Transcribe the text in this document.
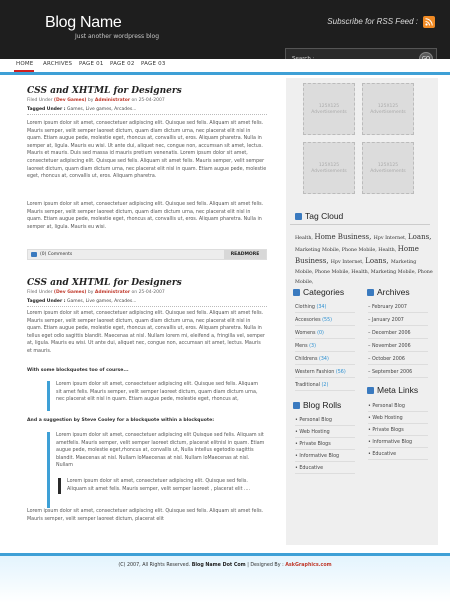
Blog Name
Just another wordpress blog
Subscribe for RSS Feed :
HOME ARCHIVES PAGE 01 PAGE 02 PAGE 03
CSS and XHTML for Designers
Filed Under (Dev Games) by Administrator on 25-04-2007
Tagged Under : Games, Live games, Arcades...
Lorem ipsum dolor sit amet, consectetuer adipiscing elit. Quisque sed felis. Aliquam sit amet felis. Mauris semper, velit semper laoreet dictum, quam diam dictum urna, nec placerat elit nisl in quam. Etiam augue pede, molestie eget, rhoncus at, convallis ut, eros. Aliquam pharetra. Nulla in semper at, ligula. Mauris eu wisi. Ut ante dui, aliquet nec, congue non, accumsan sit amet, lectus. Mauris et mauris. Duis sed massa id mauris pretium venenatis. Lorem ipsum dolor sit amet, consectetuer adipiscing elit. Quisque sed felis. Aliquam sit amet felis. Mauris semper, velit semper laoreet dictum, quam diam dictum urna, nec placerat elit nisl in quam. Etiam augue pede, molestie eget, rhoncus at, convallis ut, eros. Aliquam pharetra.
Lorem ipsum dolor sit amet, consectetuer adipiscing elit. Quisque sed felis. Aliquam sit amet felis. Mauris semper, velit semper laoreet dictum, quam diam dictum urna, nec placerat elit nisl in quam. Etiam augue pede, molestie eget, rhoncus at, convallis ut, eros. Aliquam pharetra. Nulla in semper at, ligula. Mauris eu wisi.
(0) Comments	READMORE
CSS and XHTML for Designers
Filed Under (Dev Games) by Administrator on 25-04-2007
Tagged Under : Games, Live games, Arcades...
Lorem ipsum dolor sit amet, consectetuer adipiscing elit. Quisque sed felis. Aliquam sit amet felis. Mauris semper, velit semper laoreet dictum, quam diam dictum urna, nec placerat elit nisl in quam. Etiam augue pede, molestie eget, rhoncus at, convallis ut, eros. Aliquam pharetra. Nulla in tellus eget odio sagittis blandit. Maecenas at nisl. Nullam lorem mi, eleifend a, fringilla vel, semper at, ligula. Mauris eu wisi. Ut ante dui, aliquet nec, congue non, accumsan sit amet, lectus. Mauris et mauris.
With some blockquotes too of course...
Lorem ipsum dolor sit amet, consectetuer adipiscing elit. Quisque sed felis. Aliquam sit amet felis. Mauris semper, velit semper laoreet dictum, quam diam dictum urna, nec placerat elit nisl in quam. Etiam augue pede, molestie eget, rhoncus at,
And a suggestion by Steve Cooley for a blockquote within a blockquote:
Lorem ipsum dolor sit amet, consectetuer adipiscing elit Quisque sed felis. Aliquam sit ametfelis. Mauris semper, velit semper laoreet dictum, placerat elitnisl in quam. Etiam augue pede, molestie eget,rhoncus at, convallis ut, Nulla intellus egetodio sagittis blandit. Maecenas at nisl. Nullam loMaecenas at nisl. Nullam loMaecenas at nisl. Nullam
Lorem ipsum dolor sit amet, consectetuer adipiscing elit. Quisque sed felis. Aliquam sit amet felis. Mauris semper, velit semper laoreet , placerat elit ....
Lorem ipsum dolor sit amet, consectetuer adipiscing elit. Quisque sed felis. Aliquam sit amet felis. Mauris semper, velit semper laoreet dictum, placerat elit
125X125 Advertisements
125X125 Advertisements
125X125 Advertisements
125X125 Advertisements
Tag Cloud
Health, Home Business, Hpv Internet, Loans, Marketing Mobile, Phone Mobile, Health, Home Business, Hpv Internet, Loans, Marketing Mobile, Phone Mobile, Health, Marketing Mobile, Phone Mobile,
Categories	Archives
Clothing (34)
Accesories (55)
Womens (0)
Mens (3)
Childrens (34)
Western Fashion (56)
Traditional (2)
– February 2007
– January 2007
– December 2006
– November 2006
– October 2006
– September 2006
Blog Rolls
Meta Links
• Personal Blog
• Web Hosting
• Private Blogs
• Informative Blog
• Educative
• Personal Blog
• Web Hosting
• Private Blogs
• Informative Blog
• Educative
(C) 2007, All Rights Reserved. Blog Name Dot Com | Designed By : AskGraphics.com
